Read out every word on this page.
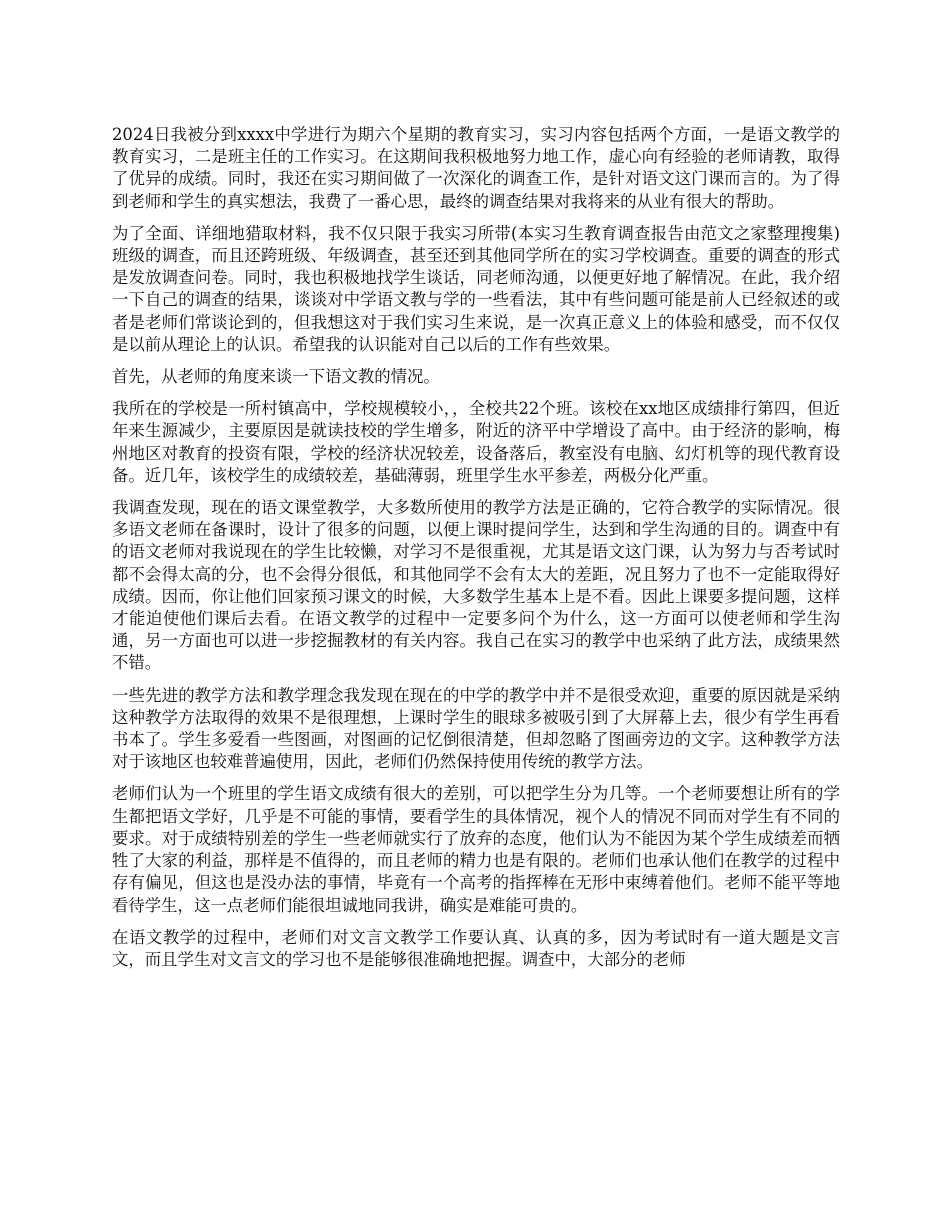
2024日我被分到xxxx中学进行为期六个星期的教育实习，实习内容包括两个方面，一是语文教学的教育实习，二是班主任的工作实习。在这期间我积极地努力地工作，虚心向有经验的老师请教，取得了优异的成绩。同时，我还在实习期间做了一次深化的调查工作，是针对语文这门课而言的。为了得到老师和学生的真实想法，我费了一番心思，最终的调查结果对我将来的从业有很大的帮助。

为了全面、详细地猎取材料，我不仅只限于我实习所带(本实习生教育调查报告由范文之家整理搜集)班级的调查，而且还跨班级、年级调查，甚至还到其他同学所在的实习学校调查。重要的调查的形式是发放调查问卷。同时，我也积极地找学生谈话，同老师沟通，以便更好地了解情况。在此，我介绍一下自己的调查的结果，谈谈对中学语文教与学的一些看法，其中有些问题可能是前人已经叙述的或者是老师们常谈论到的，但我想这对于我们实习生来说，是一次真正意义上的体验和感受，而不仅仅是以前从理论上的认识。希望我的认识能对自己以后的工作有些效果。

首先，从老师的角度来谈一下语文教的情况。

我所在的学校是一所村镇高中，学校规模较小，，全校共22个班。该校在xx地区成绩排行第四，但近年来生源减少，主要原因是就读技校的学生增多，附近的济平中学增设了高中。由于经济的影响，梅州地区对教育的投资有限，学校的经济状况较差，设备落后，教室没有电脑、幻灯机等的现代教育设备。近几年，该校学生的成绩较差，基础薄弱，班里学生水平参差，两极分化严重。

我调查发现，现在的语文课堂教学，大多数所使用的教学方法是正确的，它符合教学的实际情况。很多语文老师在备课时，设计了很多的问题，以便上课时提问学生，达到和学生沟通的目的。调查中有的语文老师对我说现在的学生比较懒，对学习不是很重视，尤其是语文这门课，认为努力与否考试时都不会得太高的分，也不会得分很低，和其他同学不会有太大的差距，况且努力了也不一定能取得好成绩。因而，你让他们回家预习课文的时候，大多数学生基本上是不看。因此上课要多提问题，这样才能迫使他们课后去看。在语文教学的过程中一定要多问个为什么，这一方面可以使老师和学生沟通，另一方面也可以进一步挖掘教材的有关内容。我自己在实习的教学中也采纳了此方法，成绩果然不错。

一些先进的教学方法和教学理念我发现在现在的中学的教学中并不是很受欢迎，重要的原因就是采纳这种教学方法取得的效果不是很理想，上课时学生的眼球多被吸引到了大屏幕上去，很少有学生再看书本了。学生多爱看一些图画，对图画的记忆倒很清楚，但却忽略了图画旁边的文字。这种教学方法对于该地区也较难普遍使用，因此，老师们仍然保持使用传统的教学方法。

老师们认为一个班里的学生语文成绩有很大的差别，可以把学生分为几等。一个老师要想让所有的学生都把语文学好，几乎是不可能的事情，要看学生的具体情况，视个人的情况不同而对学生有不同的要求。对于成绩特别差的学生一些老师就实行了放弃的态度，他们认为不能因为某个学生成绩差而牺牲了大家的利益，那样是不值得的，而且老师的精力也是有限的。老师们也承认他们在教学的过程中存有偏见，但这也是没办法的事情，毕竟有一个高考的指挥棒在无形中束缚着他们。老师不能平等地看待学生，这一点老师们能很坦诚地同我讲，确实是难能可贵的。

在语文教学的过程中，老师们对文言文教学工作要认真、认真的多，因为考试时有一道大题是文言文，而且学生对文言文的学习也不是能够很准确地把握。调查中，大部分的老师
